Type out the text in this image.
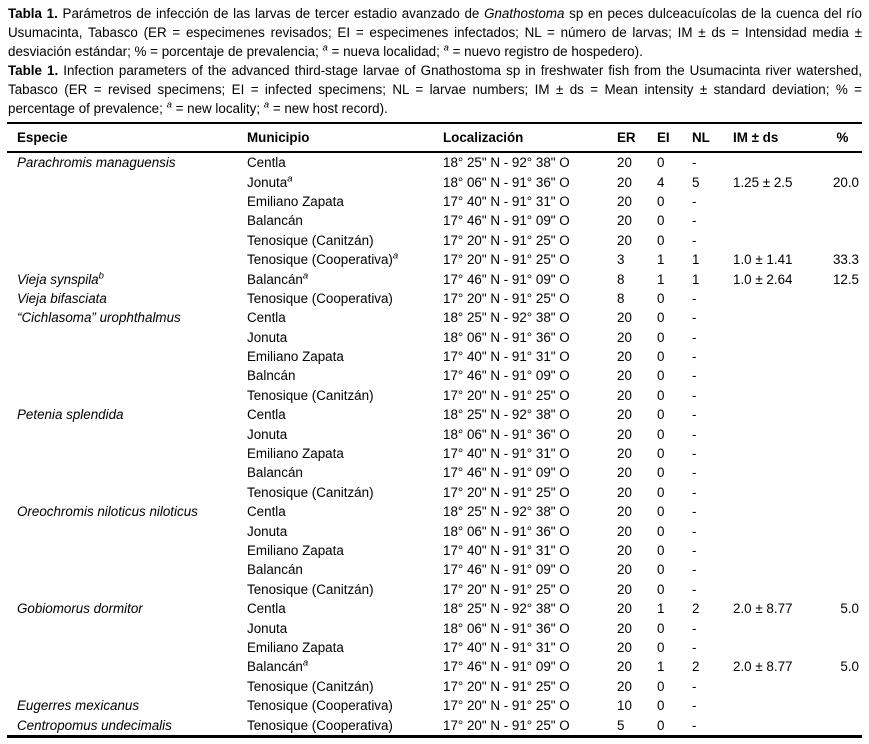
Tabla 1. Parámetros de infección de las larvas de tercer estadio avanzado de Gnathostoma sp en peces dulceacuícolas de la cuenca del río Usumacinta, Tabasco (ER = especimenes revisados; EI = especimenes infectados; NL = número de larvas; IM ± ds = Intensidad media ± desviación estándar; % = porcentaje de prevalencia; $^a$ = nueva localidad; $^a$ = nuevo registro de hospedero).

Table 1. Infection parameters of the advanced third-stage larvae of Gnathostoma sp in freshwater fish from the Usumacinta river watershed, Tabasco (ER = revised specimens; EI = infected specimens; NL = larvae numbers; IM ± ds = Mean intensity ± standard deviation; % = percentage of prevalence; $^a$ = new locality; $^a$ = new host record).

Especie	Municipio	Localización	ER	EI	NL	IM ± ds	%
Parachromis managuensis	Centla	18° 25" N - 92° 38" O	20	0	-
Jonuta$^a$	18° 06" N - 91° 36" O	20	4	5	1.25 ± 2.5	20.0
Emiliano Zapata	17° 40" N - 91° 31" O	20	0	-
Balancán	17° 46" N - 91° 09" O	20	0	-
Tenosique (Canitzán)	17° 20" N - 91° 25" O	20	0	-
Tenosique (Cooperativa)$^a$	17° 20" N - 91° 25" O	3	1	1	1.0 ± 1.41	33.3
Vieja synspila$^b$	Balancán$^a$	17° 46" N - 91° 09" O	8	1	1	1.0 ± 2.64	12.5
Vieja bifasciata	Tenosique (Cooperativa)	17° 20" N - 91° 25" O	8	0	-
“Cichlasoma” urophthalmus	Centla	18° 25" N - 92° 38" O	20	0	-
Jonuta	18° 06" N - 91° 36" O	20	0	-
Emiliano Zapata	17° 40" N - 91° 31" O	20	0	-
Balncán	17° 46" N - 91° 09" O	20	0	-
Tenosique (Canitzán)	17° 20" N - 91° 25" O	20	0	-
Petenia splendida	Centla	18° 25" N - 92° 38" O	20	0	-
Jonuta	18° 06" N - 91° 36" O	20	0	-
Emiliano Zapata	17° 40" N - 91° 31" O	20	0	-
Balancán	17° 46" N - 91° 09" O	20	0	-
Tenosique (Canitzán)	17° 20" N - 91° 25" O	20	0	-
Oreochromis niloticus niloticus	Centla	18° 25" N - 92° 38" O	20	0	-
Jonuta	18° 06" N - 91° 36" O	20	0	-
Emiliano Zapata	17° 40" N - 91° 31" O	20	0	-
Balancán	17° 46" N - 91° 09" O	20	0	-
Tenosique (Canitzán)	17° 20" N - 91° 25" O	20	0	-
Gobiomorus dormitor	Centla	18° 25" N - 92° 38" O	20	1	2	2.0 ± 8.77	5.0
Jonuta	18° 06" N - 91° 36" O	20	0	-
Emiliano Zapata	17° 40" N - 91° 31" O	20	0	-
Balancán$^a$	17° 46" N - 91° 09" O	20	1	2	2.0 ± 8.77	5.0
Tenosique (Canitzán)	17° 20" N - 91° 25" O	20	0	-
Eugerres mexicanus	Tenosique (Cooperativa)	17° 20" N - 91° 25" O	10	0	-
Centropomus undecimalis	Tenosique (Cooperativa)	17° 20" N - 91° 25" O	5	0	-
